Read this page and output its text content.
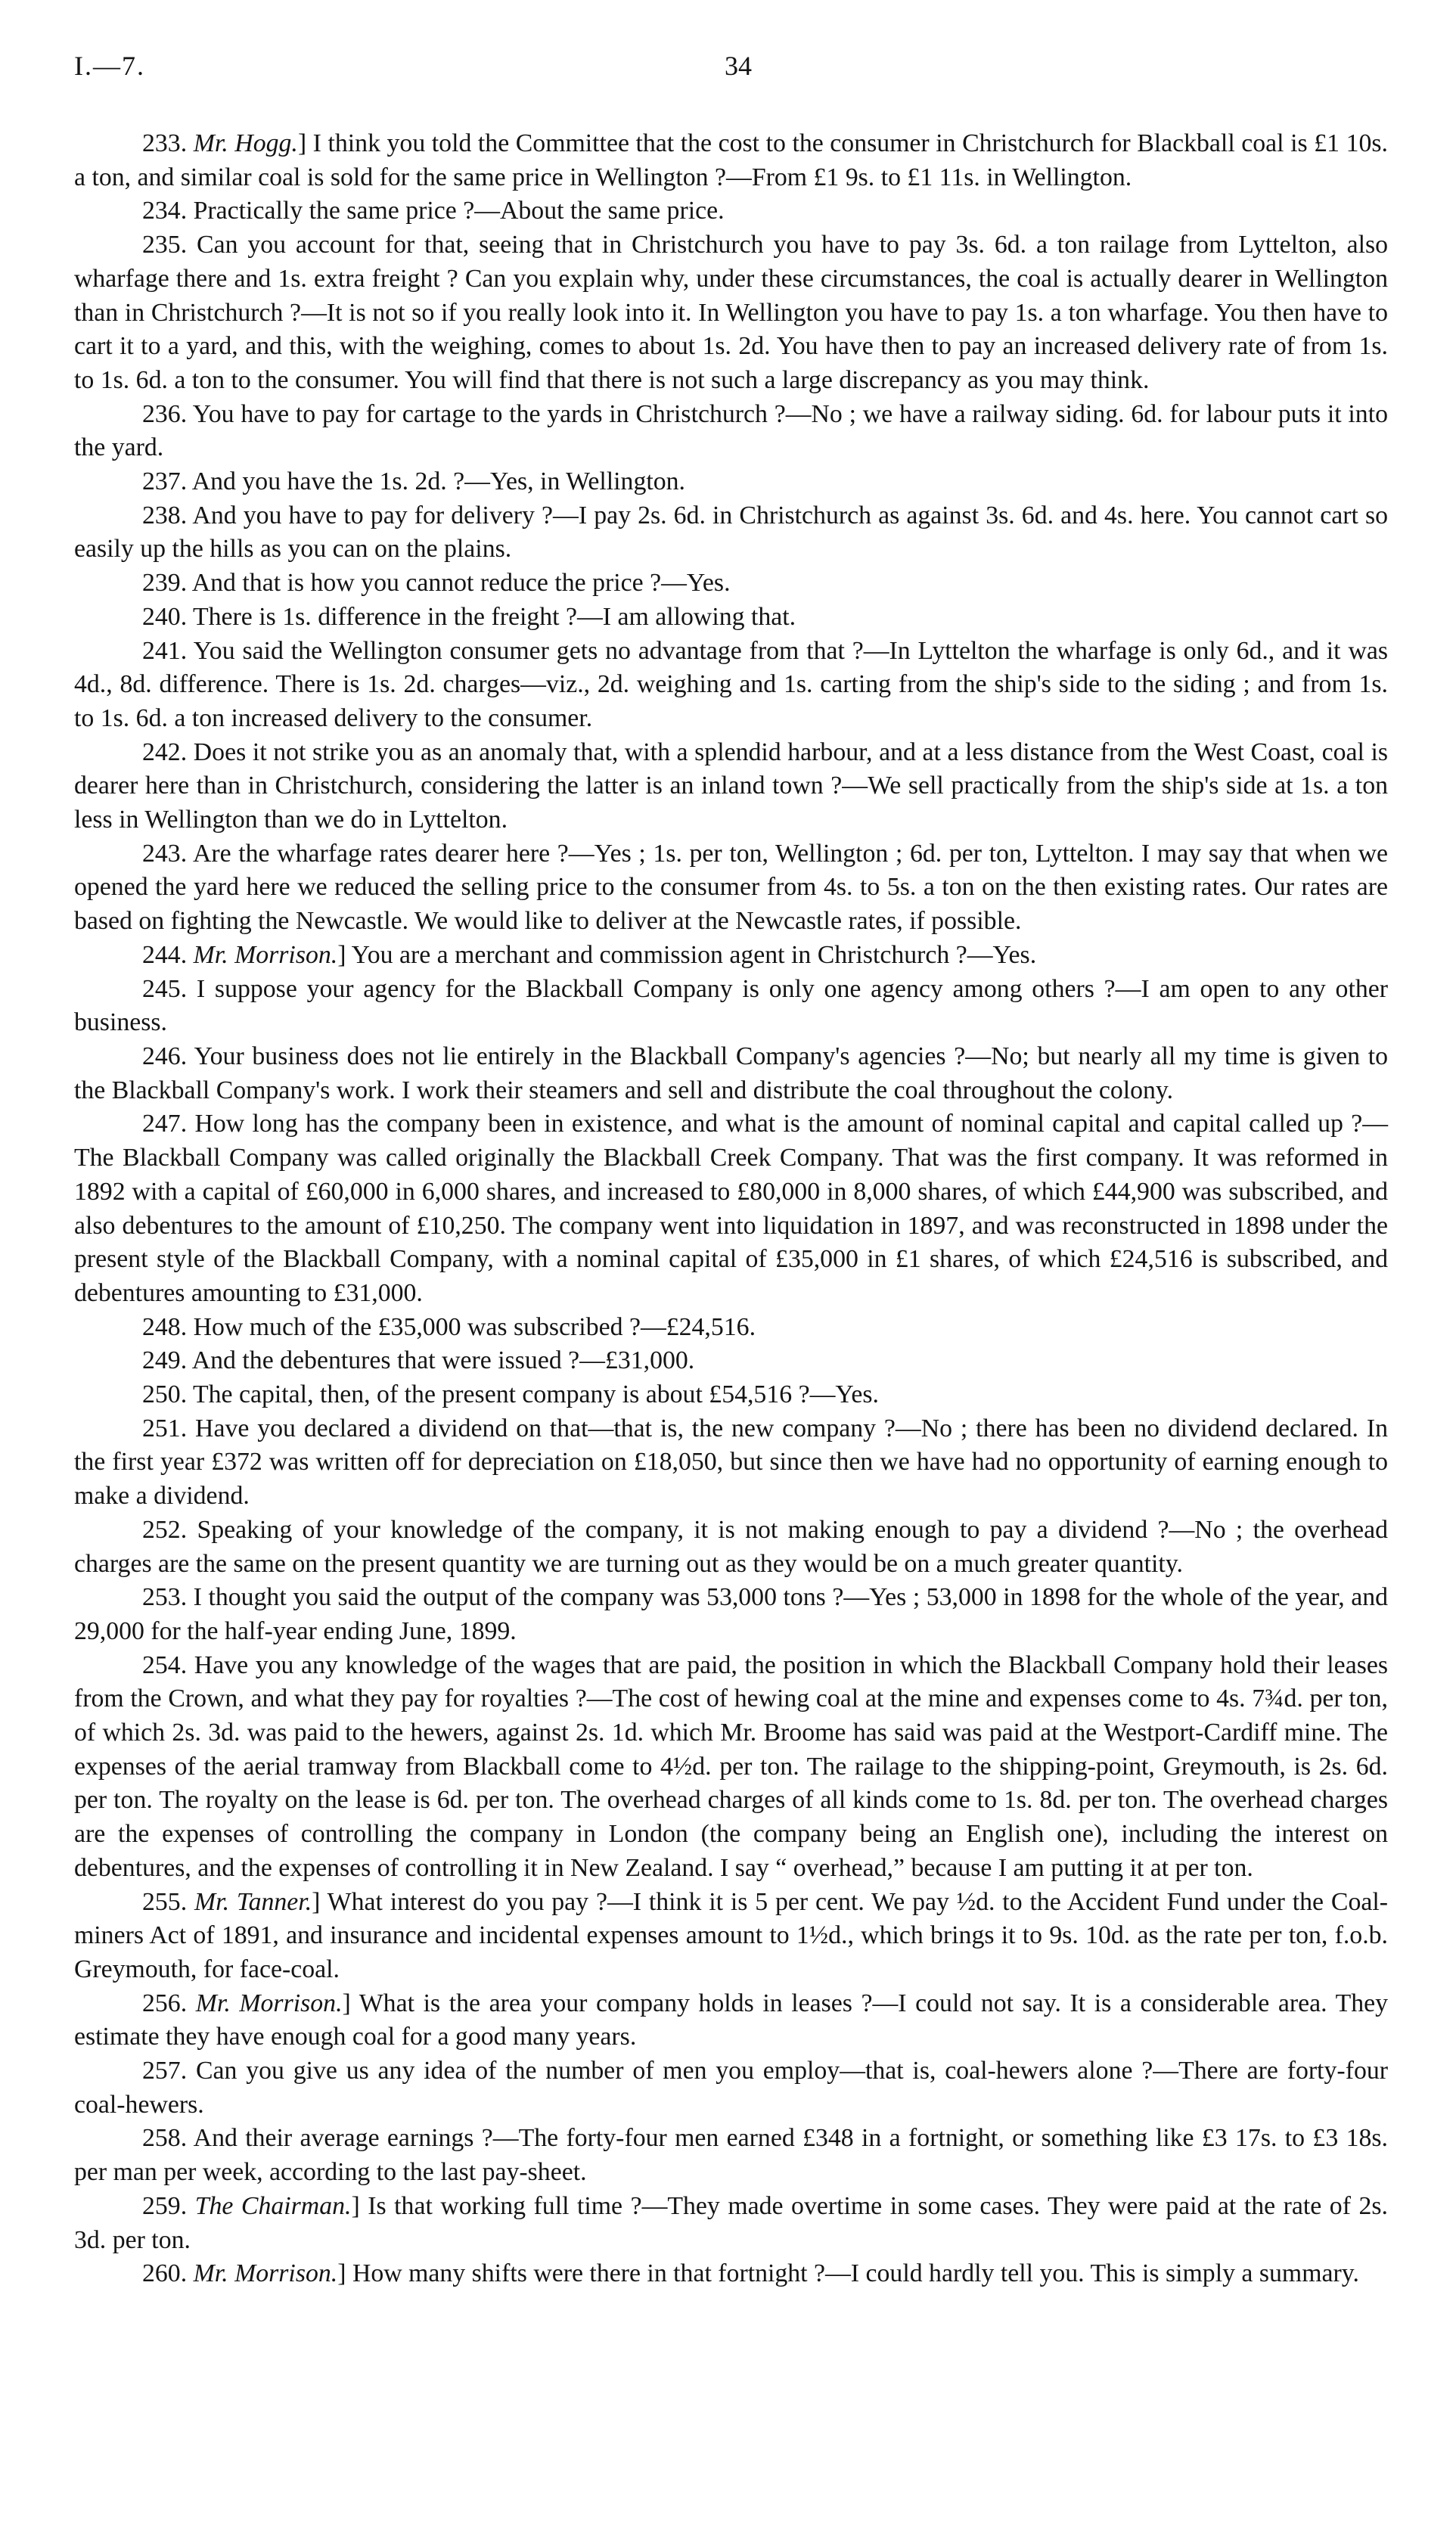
I.—7.	34

233. Mr. Hogg.] I think you told the Committee that the cost to the consumer in Christchurch for Blackball coal is £1 10s. a ton, and similar coal is sold for the same price in Wellington ?—From £1 9s. to £1 11s. in Wellington.

234. Practically the same price ?—About the same price.

235. Can you account for that, seeing that in Christchurch you have to pay 3s. 6d. a ton railage from Lyttelton, also wharfage there and 1s. extra freight ? Can you explain why, under these circumstances, the coal is actually dearer in Wellington than in Christchurch ?—It is not so if you really look into it. In Wellington you have to pay 1s. a ton wharfage. You then have to cart it to a yard, and this, with the weighing, comes to about 1s. 2d. You have then to pay an increased delivery rate of from 1s. to 1s. 6d. a ton to the consumer. You will find that there is not such a large discrepancy as you may think.

236. You have to pay for cartage to the yards in Christchurch ?—No ; we have a railway siding. 6d. for labour puts it into the yard.

237. And you have the 1s. 2d. ?—Yes, in Wellington.

238. And you have to pay for delivery ?—I pay 2s. 6d. in Christchurch as against 3s. 6d. and 4s. here. You cannot cart so easily up the hills as you can on the plains.

239. And that is how you cannot reduce the price ?—Yes.

240. There is 1s. difference in the freight ?—I am allowing that.

241. You said the Wellington consumer gets no advantage from that ?—In Lyttelton the wharfage is only 6d., and it was 4d., 8d. difference. There is 1s. 2d. charges—viz., 2d. weighing and 1s. carting from the ship's side to the siding ; and from 1s. to 1s. 6d. a ton increased delivery to the consumer.

242. Does it not strike you as an anomaly that, with a splendid harbour, and at a less distance from the West Coast, coal is dearer here than in Christchurch, considering the latter is an inland town ?—We sell practically from the ship's side at 1s. a ton less in Wellington than we do in Lyttelton.

243. Are the wharfage rates dearer here ?—Yes ; 1s. per ton, Wellington ; 6d. per ton, Lyttelton. I may say that when we opened the yard here we reduced the selling price to the consumer from 4s. to 5s. a ton on the then existing rates. Our rates are based on fighting the Newcastle. We would like to deliver at the Newcastle rates, if possible.

244. Mr. Morrison.] You are a merchant and commission agent in Christchurch ?—Yes.

245. I suppose your agency for the Blackball Company is only one agency among others ?—I am open to any other business.

246. Your business does not lie entirely in the Blackball Company's agencies ?—No; but nearly all my time is given to the Blackball Company's work. I work their steamers and sell and distribute the coal throughout the colony.

247. How long has the company been in existence, and what is the amount of nominal capital and capital called up ?—The Blackball Company was called originally the Blackball Creek Company. That was the first company. It was reformed in 1892 with a capital of £60,000 in 6,000 shares, and increased to £80,000 in 8,000 shares, of which £44,900 was subscribed, and also debentures to the amount of £10,250. The company went into liquidation in 1897, and was reconstructed in 1898 under the present style of the Blackball Company, with a nominal capital of £35,000 in £1 shares, of which £24,516 is subscribed, and debentures amounting to £31,000.

248. How much of the £35,000 was subscribed ?—£24,516.

249. And the debentures that were issued ?—£31,000.

250. The capital, then, of the present company is about £54,516 ?—Yes.

251. Have you declared a dividend on that—that is, the new company ?—No ; there has been no dividend declared. In the first year £372 was written off for depreciation on £18,050, but since then we have had no opportunity of earning enough to make a dividend.

252. Speaking of your knowledge of the company, it is not making enough to pay a dividend ?—No ; the overhead charges are the same on the present quantity we are turning out as they would be on a much greater quantity.

253. I thought you said the output of the company was 53,000 tons ?—Yes ; 53,000 in 1898 for the whole of the year, and 29,000 for the half-year ending June, 1899.

254. Have you any knowledge of the wages that are paid, the position in which the Blackball Company hold their leases from the Crown, and what they pay for royalties ?—The cost of hewing coal at the mine and expenses come to 4s. 7¾d. per ton, of which 2s. 3d. was paid to the hewers, against 2s. 1d. which Mr. Broome has said was paid at the Westport-Cardiff mine. The expenses of the aerial tramway from Blackball come to 4½d. per ton. The railage to the shipping-point, Greymouth, is 2s. 6d. per ton. The royalty on the lease is 6d. per ton. The overhead charges of all kinds come to 1s. 8d. per ton. The overhead charges are the expenses of controlling the company in London (the company being an English one), including the interest on debentures, and the expenses of controlling it in New Zealand. I say “ overhead,” because I am putting it at per ton.

255. Mr. Tanner.] What interest do you pay ?—I think it is 5 per cent. We pay ½d. to the Accident Fund under the Coal-miners Act of 1891, and insurance and incidental expenses amount to 1½d., which brings it to 9s. 10d. as the rate per ton, f.o.b. Greymouth, for face-coal.

256. Mr. Morrison.] What is the area your company holds in leases ?—I could not say. It is a considerable area. They estimate they have enough coal for a good many years.

257. Can you give us any idea of the number of men you employ—that is, coal-hewers alone ?—There are forty-four coal-hewers.

258. And their average earnings ?—The forty-four men earned £348 in a fortnight, or something like £3 17s. to £3 18s. per man per week, according to the last pay-sheet.

259. The Chairman.] Is that working full time ?—They made overtime in some cases. They were paid at the rate of 2s. 3d. per ton.

260. Mr. Morrison.] How many shifts were there in that fortnight ?—I could hardly tell you. This is simply a summary.
